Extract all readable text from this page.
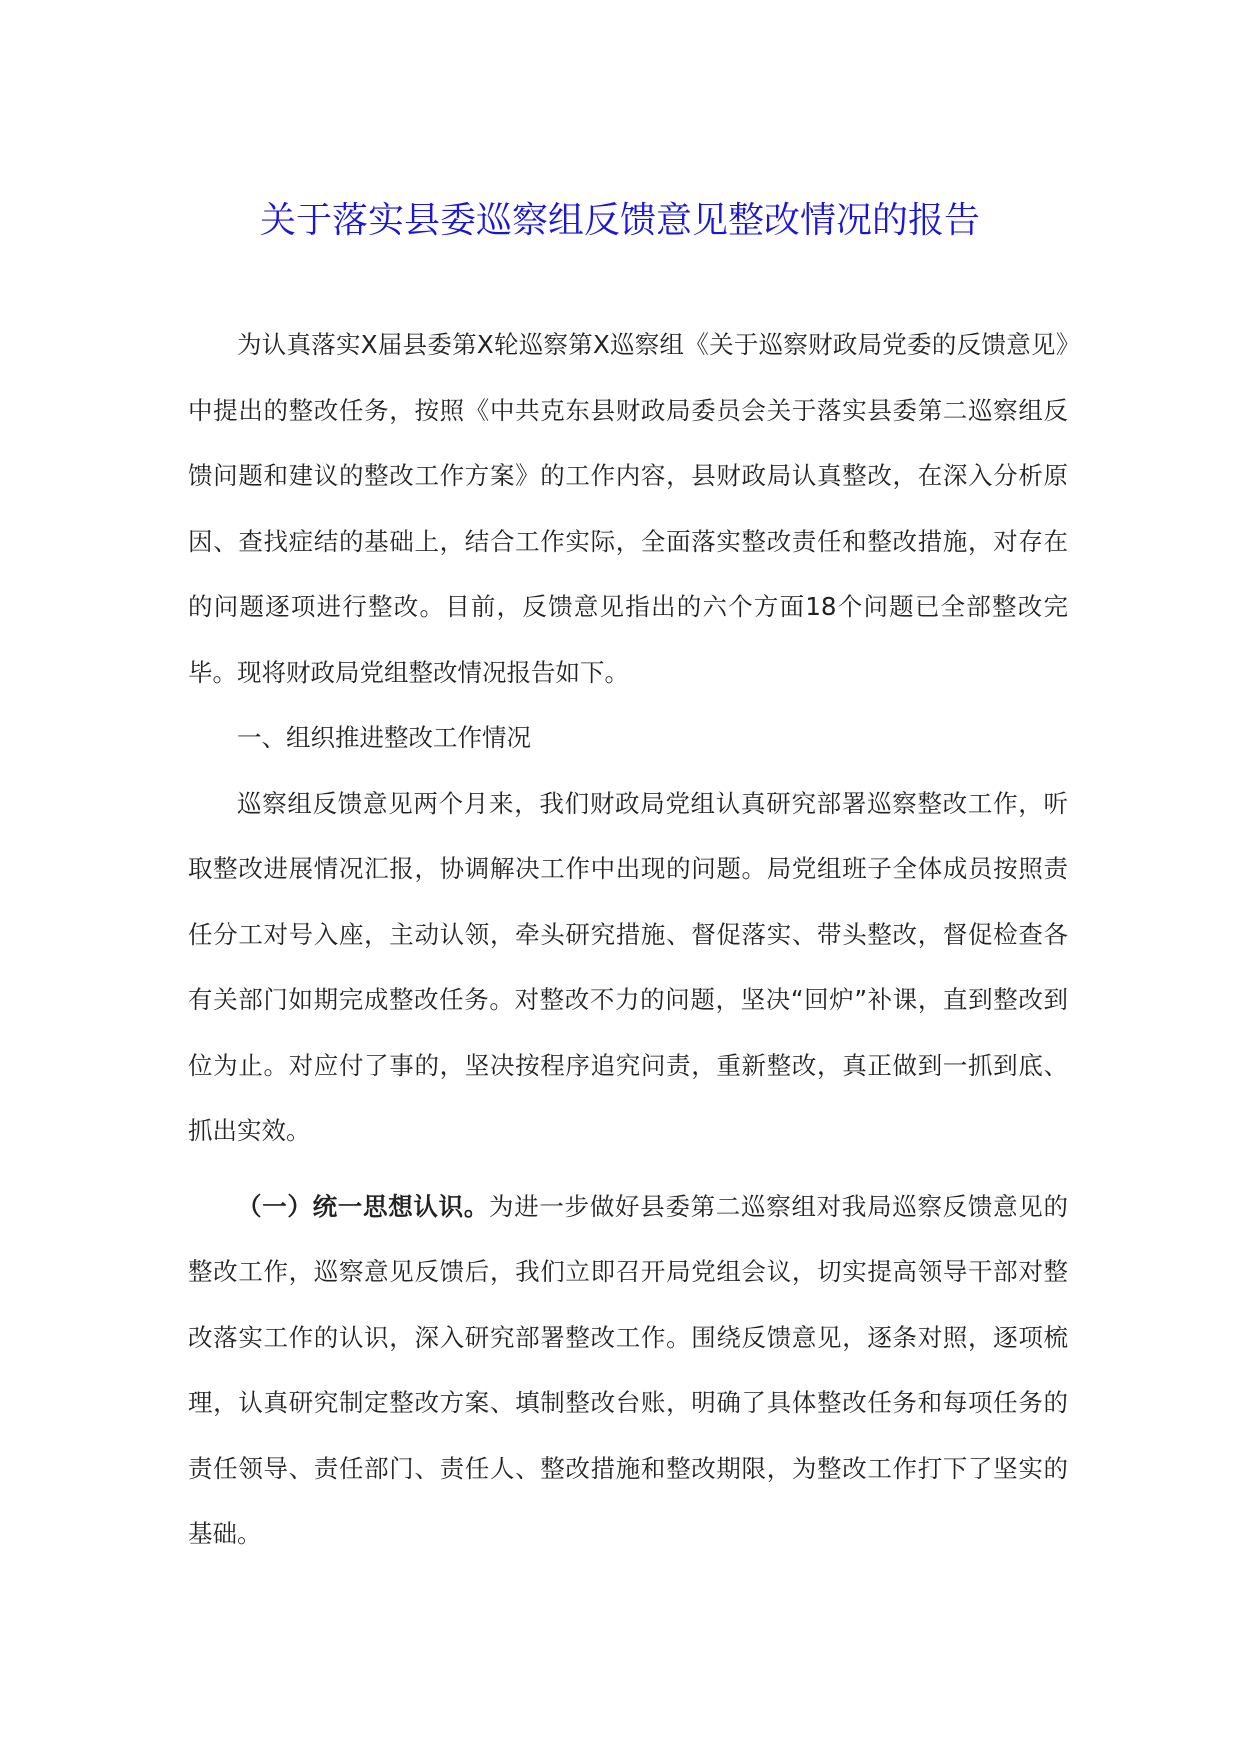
关于落实县委巡察组反馈意见整改情况的报告

为认真落实X届县委第X轮巡察第X巡察组《关于巡察财政局党委的反馈意见》中提出的整改任务，按照《中共克东县财政局委员会关于落实县委第二巡察组反馈问题和建议的整改工作方案》的工作内容，县财政局认真整改，在深入分析原因、查找症结的基础上，结合工作实际，全面落实整改责任和整改措施，对存在的问题逐项进行整改。目前，反馈意见指出的六个方面18个问题已全部整改完毕。现将财政局党组整改情况报告如下。

一、组织推进整改工作情况

巡察组反馈意见两个月来，我们财政局党组认真研究部署巡察整改工作，听取整改进展情况汇报，协调解决工作中出现的问题。局党组班子全体成员按照责任分工对号入座，主动认领，牵头研究措施、督促落实、带头整改，督促检查各有关部门如期完成整改任务。对整改不力的问题，坚决“回炉”补课，直到整改到位为止。对应付了事的，坚决按程序追究问责，重新整改，真正做到一抓到底、抓出实效。

（一）统一思想认识。为进一步做好县委第二巡察组对我局巡察反馈意见的整改工作，巡察意见反馈后，我们立即召开局党组会议，切实提高领导干部对整改落实工作的认识，深入研究部署整改工作。围绕反馈意见，逐条对照，逐项梳理，认真研究制定整改方案、填制整改台账，明确了具体整改任务和每项任务的责任领导、责任部门、责任人、整改措施和整改期限，为整改工作打下了坚实的基础。
